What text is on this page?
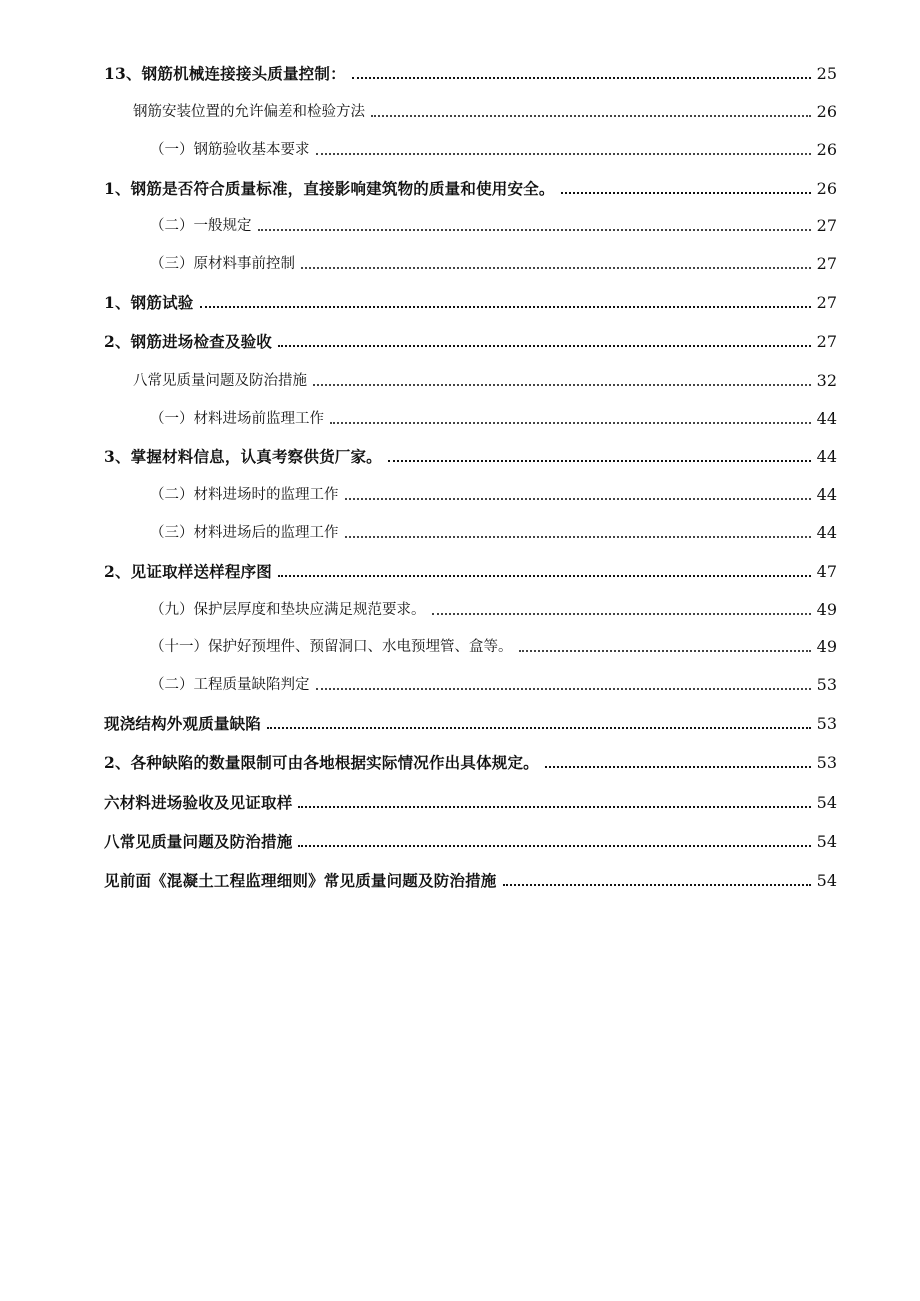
13、钢筋机械连接接头质量控制：	25
钢筋安装位置的允许偏差和检验方法	26
（一）钢筋验收基本要求	26
1、钢筋是否符合质量标准，直接影响建筑物的质量和使用安全。	26
（二）一般规定	27
（三）原材料事前控制	27
1、钢筋试验	27
2、钢筋进场检查及验收	27
八常见质量问题及防治措施	32
（一）材料进场前监理工作	44
3、掌握材料信息，认真考察供货厂家。	44
（二）材料进场时的监理工作	44
（三）材料进场后的监理工作	44
2、见证取样送样程序图	47
（九）保护层厚度和垫块应满足规范要求。	49
（十一）保护好预埋件、预留洞口、水电预埋管、盒等。	49
（二）工程质量缺陷判定	53
现浇结构外观质量缺陷	53
2、各种缺陷的数量限制可由各地根据实际情况作出具体规定。	53
六材料进场验收及见证取样	54
八常见质量问题及防治措施	54
见前面《混凝土工程监理细则》常见质量问题及防治措施	54
